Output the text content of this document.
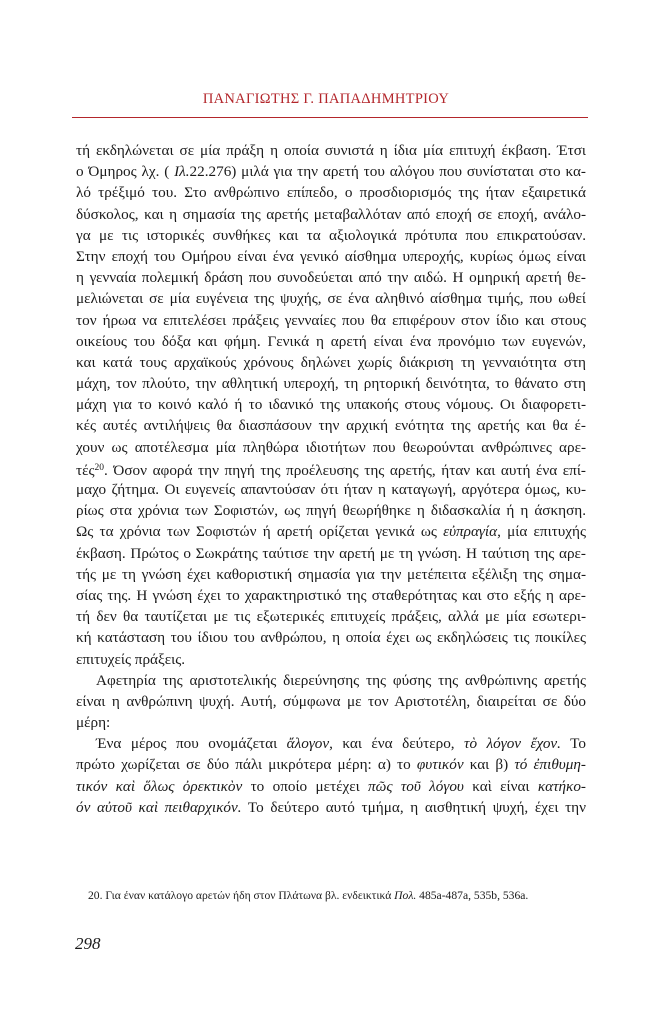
ΠΑΝΑΓΙΩΤΗΣ Γ. ΠΑΠΑΔΗΜΗΤΡΙΟΥ
τή εκδηλώνεται σε μία πράξη η οποία συνιστά η ίδια μία επιτυχή έκβαση. Έτσι
ο Όμηρος λχ. ( Ιλ.22.276) μιλά για την αρετή του αλόγου που συνίσταται στο κα-
λό τρέξιμό του. Στο ανθρώπινο επίπεδο, ο προσδιορισμός της ήταν εξαιρετικά
δύσκολος, και η σημασία της αρετής μεταβαλλόταν από εποχή σε εποχή, ανάλο-
γα με τις ιστορικές συνθήκες και τα αξιολογικά πρότυπα που επικρατούσαν.
Στην εποχή του Ομήρου είναι ένα γενικό αίσθημα υπεροχής, κυρίως όμως είναι
η γενναία πολεμική δράση που συνοδεύεται από την αιδώ. Η ομηρική αρετή θε-
μελιώνεται σε μία ευγένεια της ψυχής, σε ένα αληθινό αίσθημα τιμής, που ωθεί
τον ήρωα να επιτελέσει πράξεις γενναίες που θα επιφέρουν στον ίδιο και στους
οικείους του δόξα και φήμη. Γενικά η αρετή είναι ένα προνόμιο των ευγενών,
και κατά τους αρχαϊκούς χρόνους δηλώνει χωρίς διάκριση τη γενναιότητα στη
μάχη, τον πλούτο, την αθλητική υπεροχή, τη ρητορική δεινότητα, το θάνατο στη
μάχη για το κοινό καλό ή το ιδανικό της υπακοής στους νόμους. Οι διαφορετι-
κές αυτές αντιλήψεις θα διασπάσουν την αρχική ενότητα της αρετής και θα έ-
χουν ως αποτέλεσμα μία πληθώρα ιδιοτήτων που θεωρούνται ανθρώπινες αρε-
τές$^{20}$. Όσον αφορά την πηγή της προέλευσης της αρετής, ήταν και αυτή ένα επί-
μαχο ζήτημα. Οι ευγενείς απαντούσαν ότι ήταν η καταγωγή, αργότερα όμως, κυ-
ρίως στα χρόνια των Σοφιστών, ως πηγή θεωρήθηκε η διδασκαλία ή η άσκηση.
Ως τα χρόνια των Σοφιστών ή αρετή ορίζεται γενικά ως εὐπραγία, μία επιτυχής
έκβαση. Πρώτος ο Σωκράτης ταύτισε την αρετή με τη γνώση. Η ταύτιση της αρε-
τής με τη γνώση έχει καθοριστική σημασία για την μετέπειτα εξέλιξη της σημα-
σίας της. Η γνώση έχει το χαρακτηριστικό της σταθερότητας και στο εξής η αρε-
τή δεν θα ταυτίζεται με τις εξωτερικές επιτυχείς πράξεις, αλλά με μία εσωτερι-
κή κατάσταση του ίδιου του ανθρώπου, η οποία έχει ως εκδηλώσεις τις ποικίλες
επιτυχείς πράξεις.
Αφετηρία της αριστοτελικής διερεύνησης της φύσης της ανθρώπινης αρετής
είναι η ανθρώπινη ψυχή. Αυτή, σύμφωνα με τον Αριστοτέλη, διαιρείται σε δύο
μέρη:
Ένα μέρος που ονομάζεται ἄλογον, και ένα δεύτερο, τὸ λόγον ἔχον. Το
πρώτο χωρίζεται σε δύο πάλι μικρότερα μέρη: α) το φυτικόν και β) τό ἐπιθυμη-
τικόν καὶ ὅλως ὀρεκτικὸν το οποίο μετέχει πῶς τοῦ λόγου καὶ είναι κατήκο-
όν αὐτοῦ καὶ πειθαρχικόν. Το δεύτερο αυτό τμήμα, η αισθητική ψυχή, έχει την
20. Για έναν κατάλογο αρετών ήδη στον Πλάτωνα βλ. ενδεικτικά Πολ. 485a-487a, 535b, 536a.
298
